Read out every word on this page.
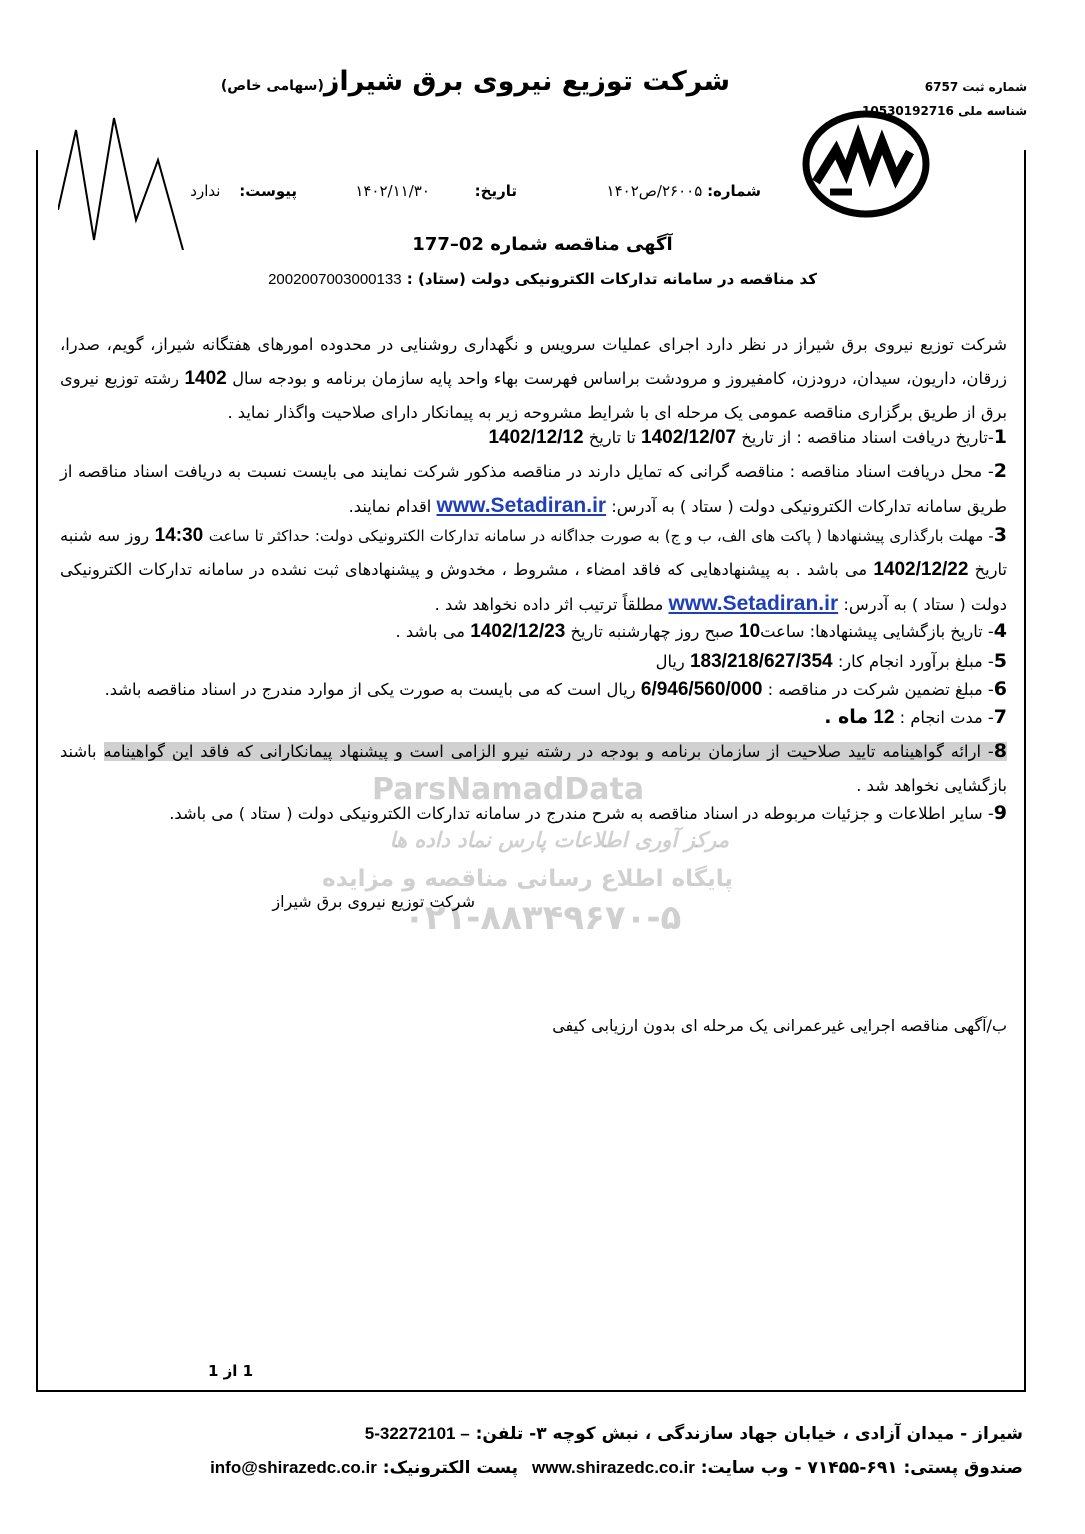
شرکت توزیع نیروی برق شیراز(سهامی خاص)	شماره ثبت 6757
شناسه ملی 10530192716
شماره: ۲۶۰۰۵/ص۱۴۰۲
تاریخ: ۱۴۰۲/۱۱/۳۰
پیوست: ندارد
آگهی مناقصه شماره 177–02
کد مناقصه در سامانه تدارکات الکترونیکی دولت (ستاد) : 2002007003000133
شرکت توزیع نیروی برق شیراز در نظر دارد اجرای عملیات سرویس و نگهداری روشنایی در محدوده امورهای هفتگانه شیراز، گویم، صدرا، زرقان، داریون، سیدان، درودزن، کامفیروز و مرودشت براساس فهرست بهاء واحد پایه سازمان برنامه و بودجه سال 1402 رشته توزیع نیروی برق از طریق برگزاری مناقصه عمومی یک مرحله ای با شرایط مشروحه زیر به پیمانکار دارای صلاحیت واگذار نماید .
1-تاریخ دریافت اسناد مناقصه : از تاریخ 1402/12/07 تا تاریخ 1402/12/12
2- محل دریافت اسناد مناقصه : مناقصه گرانی که تمایل دارند در مناقصه مذکور شرکت نمایند می بایست نسبت به دریافت اسناد مناقصه از طریق سامانه تدارکات الکترونیکی دولت ( ستاد ) به آدرس: www.Setadiran.ir اقدام نمایند.
3- مهلت بارگذاری پیشنهادها ( پاکت های الف، ب و ج) به صورت جداگانه در سامانه تدارکات الکترونیکی دولت: حداکثر تا ساعت 14:30 روز سه شنبه تاریخ 1402/12/22 می باشد . به پیشنهادهایی که فاقد امضاء ، مشروط ، مخدوش و پیشنهادهای ثبت نشده در سامانه تدارکات الکترونیکی دولت ( ستاد ) به آدرس: www.Setadiran.ir مطلقاً ترتیب اثر داده نخواهد شد .
4- تاریخ بازگشایی پیشنهادها: ساعت10 صبح روز چهارشنبه تاریخ 1402/12/23 می باشد .
5- مبلغ برآورد انجام کار: 183/218/627/354 ریال
6- مبلغ تضمین شرکت در مناقصه : 6/946/560/000 ریال است که می بایست به صورت یکی از موارد مندرج در اسناد مناقصه باشد.
7- مدت انجام : 12 ماه .
8- ارائه گواهینامه تایید صلاحیت از سازمان برنامه و بودجه در رشته نیرو الزامی است و پیشنهاد پیمانکارانی که فاقد این گواهینامه باشند بازگشایی نخواهد شد .
9- سایر اطلاعات و جزئیات مربوطه در اسناد مناقصه به شرح مندرج در سامانه تدارکات الکترونیکی دولت ( ستاد ) می باشد.
ParsNamadData
مرکز آوری اطلاعات پارس نماد داده ها
پایگاه اطلاع رسانی مناقصه و مزایده
۰۲۱-۸۸۳۴۹۶۷۰-۵
شرکت توزیع نیروی برق شیراز
ب/آگهی مناقصه اجرایی غیرعمرانی یک مرحله ای بدون ارزیابی کیفی
1 از 1
شیراز - میدان آزادی ، خیابان جهاد سازندگی ، نبش کوچه ۳- تلفن: 5-32272101 –
صندوق پستی: ۶۹۱-۷۱۴۵۵ - وب سایت: www.shirazedc.co.ir پست الکترونیک: info@shirazedc.co.ir
